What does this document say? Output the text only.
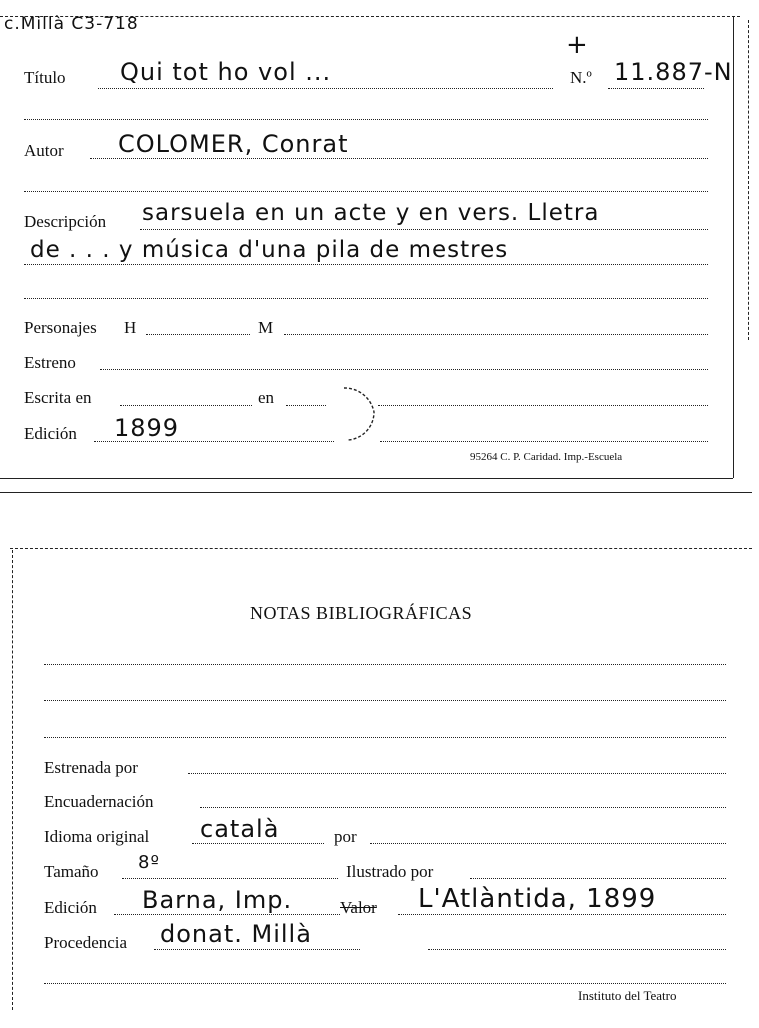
c.Millà C3-718
+
Título Qui tot ho vol ...	N.º 11.887-N
Autor COLOMER, Conrat
Descripción sarsuela en un acte y en vers. Lletra
de . . . y música d'una pila de mestres
Personajes H	M
Estreno
Escrita en	en
Edición 1899
95264 C. P. Caridad. Imp.-Escuela
NOTAS BIBLIOGRÁFICAS
Estrenada por
Encuadernación
Idioma original català	por
Tamaño 8º	Ilustrado por
Edición Barna, Imp.	Valor L'Atlàntida, 1899
Procedencia donat. Millà
Instituto del Teatro
